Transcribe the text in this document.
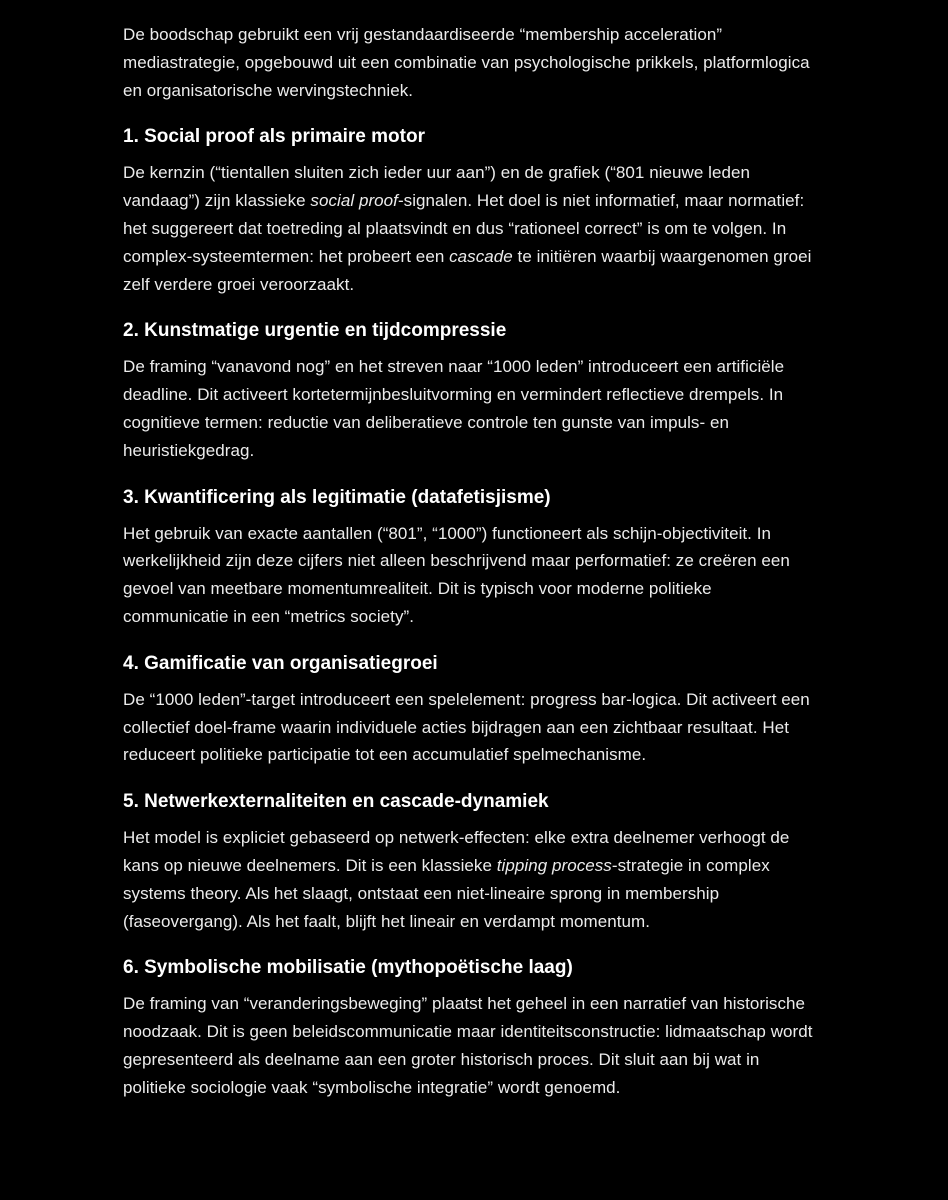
De boodschap gebruikt een vrij gestandaardiseerde “membership acceleration” mediastrategie, opgebouwd uit een combinatie van psychologische prikkels, platformlogica en organisatorische wervingstechniek.

1. Social proof als primaire motor

De kernzin (“tientallen sluiten zich ieder uur aan”) en de grafiek (“801 nieuwe leden vandaag”) zijn klassieke social proof-signalen. Het doel is niet informatief, maar normatief: het suggereert dat toetreding al plaatsvindt en dus “rationeel correct” is om te volgen. In complex-systeemtermen: het probeert een cascade te initiëren waarbij waargenomen groei zelf verdere groei veroorzaakt.

2. Kunstmatige urgentie en tijdcompressie

De framing “vanavond nog” en het streven naar “1000 leden” introduceert een artificiële deadline. Dit activeert kortetermijnbesluitvorming en vermindert reflectieve drempels. In cognitieve termen: reductie van deliberatieve controle ten gunste van impuls- en heuristiekgedrag.

3. Kwantificering als legitimatie (datafetisjisme)

Het gebruik van exacte aantallen (“801”, “1000”) functioneert als schijn-objectiviteit. In werkelijkheid zijn deze cijfers niet alleen beschrijvend maar performatief: ze creëren een gevoel van meetbare momentumrealiteit. Dit is typisch voor moderne politieke communicatie in een “metrics society”.

4. Gamificatie van organisatiegroei

De “1000 leden”-target introduceert een spelelement: progress bar-logica. Dit activeert een collectief doel-frame waarin individuele acties bijdragen aan een zichtbaar resultaat. Het reduceert politieke participatie tot een accumulatief spelmechanisme.

5. Netwerkexternaliteiten en cascade-dynamiek

Het model is expliciet gebaseerd op netwerk-effecten: elke extra deelnemer verhoogt de kans op nieuwe deelnemers. Dit is een klassieke tipping process-strategie in complex systems theory. Als het slaagt, ontstaat een niet-lineaire sprong in membership (faseovergang). Als het faalt, blijft het lineair en verdampt momentum.

6. Symbolische mobilisatie (mythopoëtische laag)

De framing van “veranderingsbeweging” plaatst het geheel in een narratief van historische noodzaak. Dit is geen beleidscommunicatie maar identiteitsconstructie: lidmaatschap wordt gepresenteerd als deelname aan een groter historisch proces. Dit sluit aan bij wat in politieke sociologie vaak “symbolische integratie” wordt genoemd.
